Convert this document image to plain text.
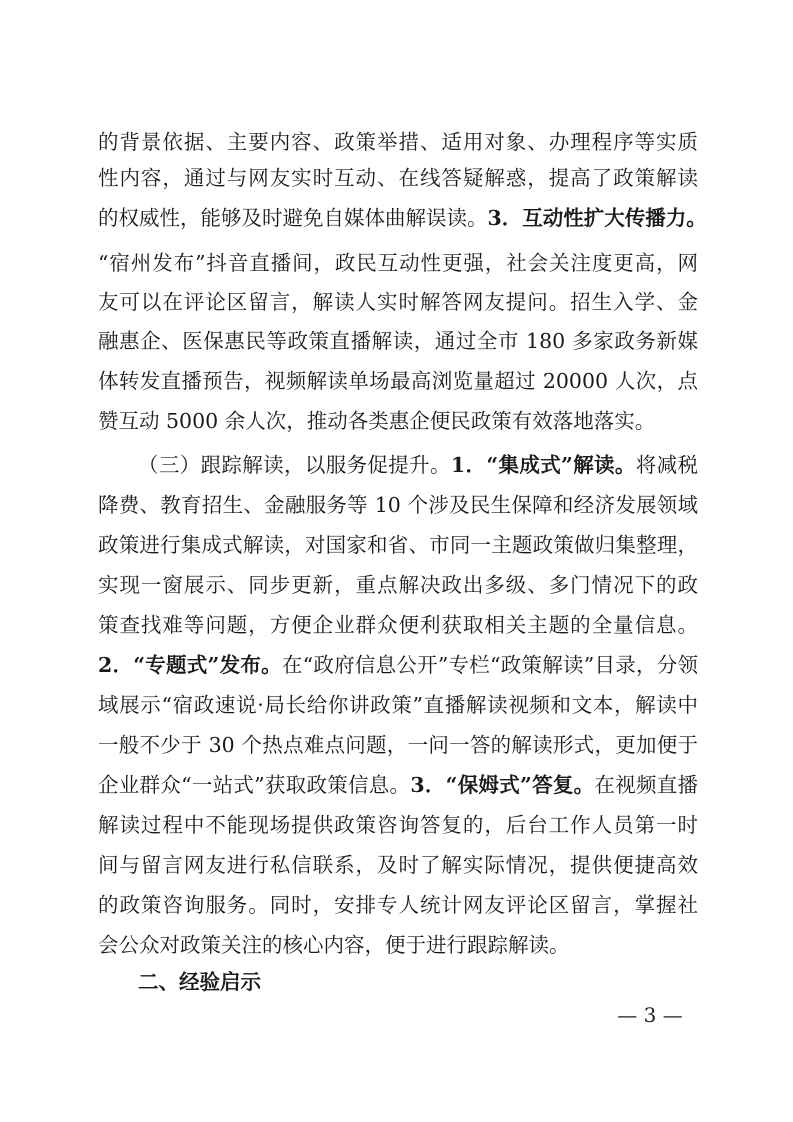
的背景依据、主要内容、政策举措、适用对象、办理程序等实质
性内容，通过与网友实时互动、在线答疑解惑，提高了政策解读
的权威性，能够及时避免自媒体曲解误读。3．互动性扩大传播力。
“宿州发布”抖音直播间，政民互动性更强，社会关注度更高，网
友可以在评论区留言，解读人实时解答网友提问。招生入学、金
融惠企、医保惠民等政策直播解读，通过全市 180 多家政务新媒
体转发直播预告，视频解读单场最高浏览量超过 20000 人次，点
赞互动 5000 余人次，推动各类惠企便民政策有效落地落实。
（三）跟踪解读，以服务促提升。1．“集成式”解读。将减税
降费、教育招生、金融服务等 10 个涉及民生保障和经济发展领域
政策进行集成式解读，对国家和省、市同一主题政策做归集整理，
实现一窗展示、同步更新，重点解决政出多级、多门情况下的政
策查找难等问题，方便企业群众便利获取相关主题的全量信息。
2．“专题式”发布。在“政府信息公开”专栏“政策解读”目录，分领
域展示“宿政速说·局长给你讲政策”直播解读视频和文本，解读中
一般不少于 30 个热点难点问题，一问一答的解读形式，更加便于
企业群众“一站式”获取政策信息。3．“保姆式”答复。在视频直播
解读过程中不能现场提供政策咨询答复的，后台工作人员第一时
间与留言网友进行私信联系，及时了解实际情况，提供便捷高效
的政策咨询服务。同时，安排专人统计网友评论区留言，掌握社
会公众对政策关注的核心内容，便于进行跟踪解读。
二、经验启示
— 3 —
